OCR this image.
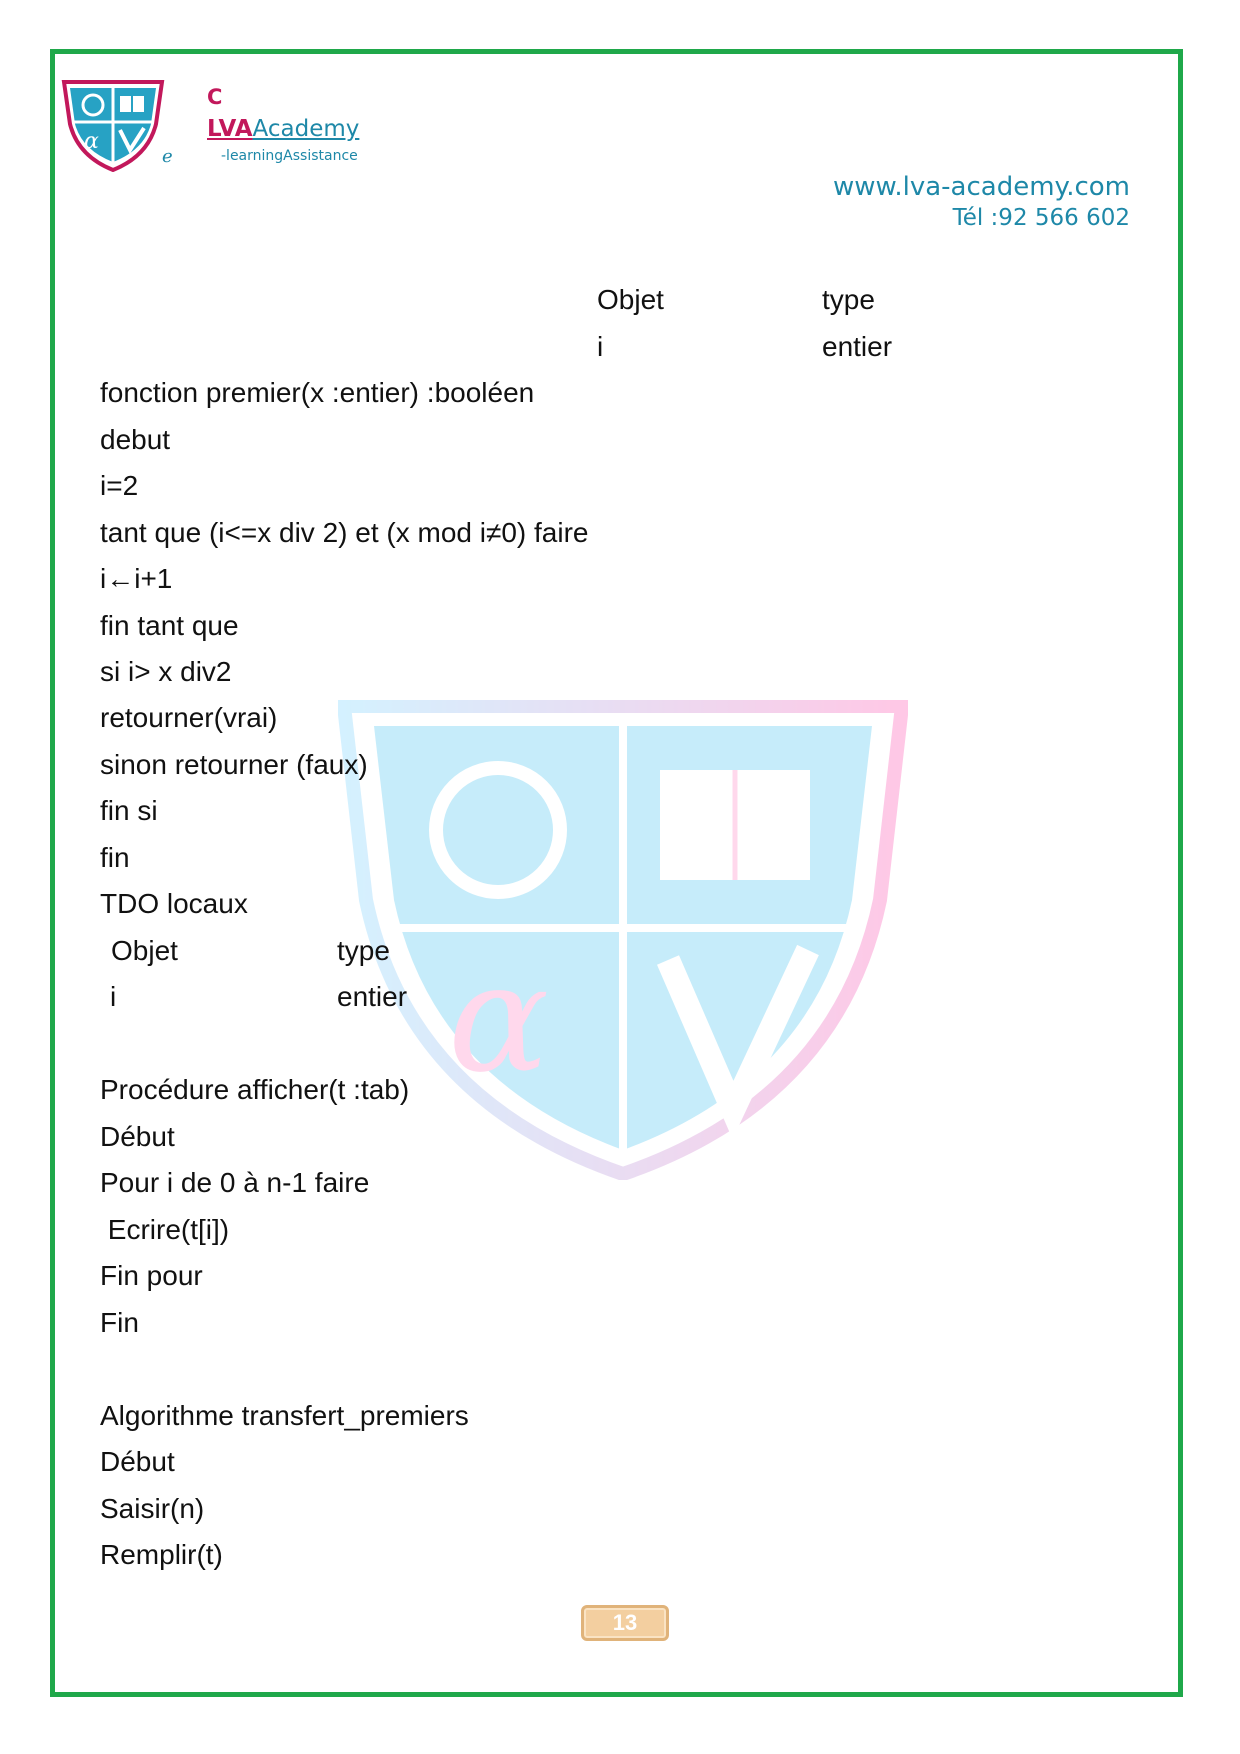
α
C
LVAAcademy
-learningAssistance
e
www.lva-academy.com
Tél :92 566 602
α
Objet	type
i	entier
fonction premier(x :entier) :booléen
debut
i=2
tant que (i<=x div 2) et (x mod i≠0) faire
i←i+1
fin tant que
si i> x div2
retourner(vrai)
sinon retourner (faux)
fin si
fin
TDO locaux
Objet	type
i	entier
Procédure afficher(t :tab)
Début
Pour i de 0 à n-1 faire
Ecrire(t[i])
Fin pour
Fin
Algorithme transfert_premiers
Début
Saisir(n)
Remplir(t)
13
